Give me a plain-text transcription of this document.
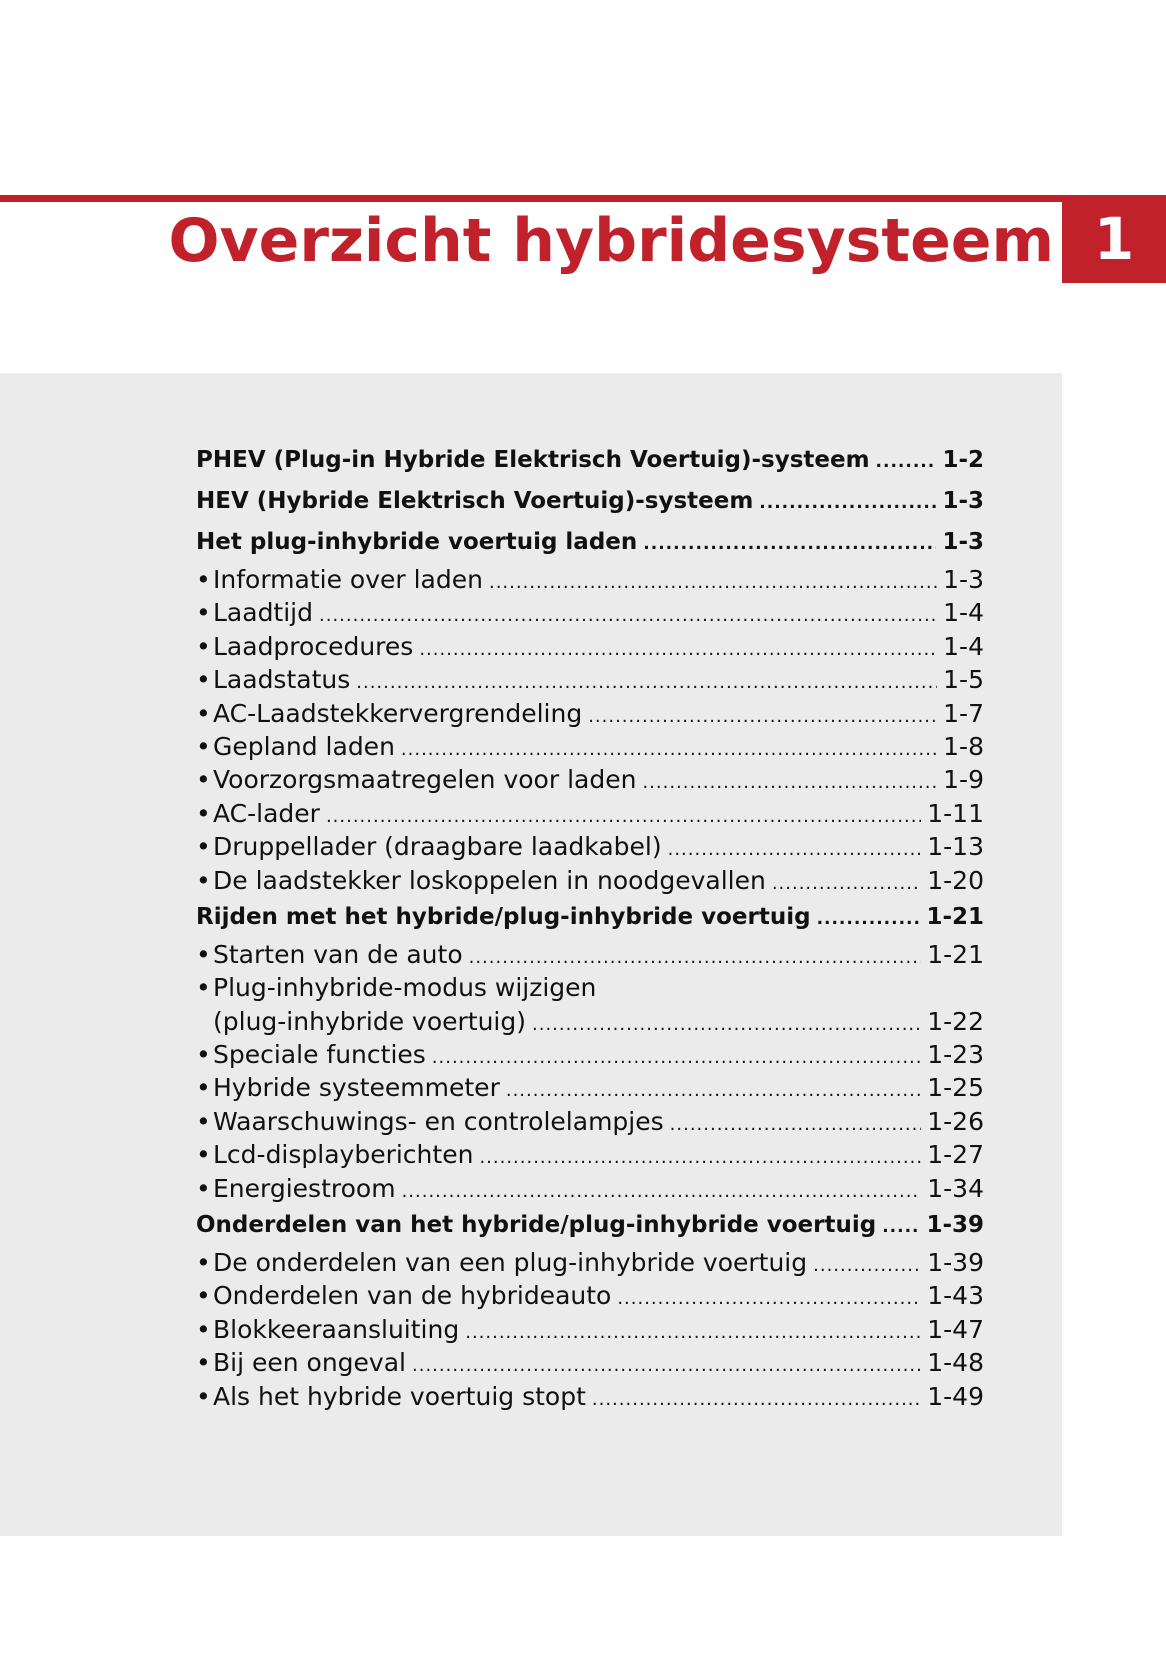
Overzicht hybridesysteem 1
PHEV (Plug-in Hybride Elektrisch Voertuig)-systeem .....	1-2
HEV (Hybride Elektrisch Voertuig)-systeem .....	1-3
Het plug-inhybride voertuig laden .....	1-3
• Informatie over laden .....	1-3
• Laadtijd .....	1-4
• Laadprocedures .....	1-4
• Laadstatus .....	1-5
• AC-Laadstekkervergrendeling .....	1-7
• Gepland laden .....	1-8
• Voorzorgsmaatregelen voor laden .....	1-9
• AC-lader .....	1-11
• Druppellader (draagbare laadkabel) .....	1-13
• De laadstekker loskoppelen in noodgevallen .....	1-20
Rijden met het hybride/plug-inhybride voertuig .....	1-21
• Starten van de auto .....	1-21
•Plug-inhybride-modus wijzigen
(plug-inhybride voertuig) .....	1-22
• Speciale functies .....	1-23
• Hybride systeemmeter .....	1-25
• Waarschuwings- en controlelampjes .....	1-26
• Lcd-displayberichten .....	1-27
• Energiestroom .....	1-34
Onderdelen van het hybride/plug-inhybride voertuig ..... 1-39
• De onderdelen van een plug-inhybride voertuig .....	1-39
• Onderdelen van de hybrideauto .....	1-43
• Blokkeeraansluiting .....	1-47
• Bij een ongeval .....	1-48
• Als het hybride voertuig stopt .....	1-49
